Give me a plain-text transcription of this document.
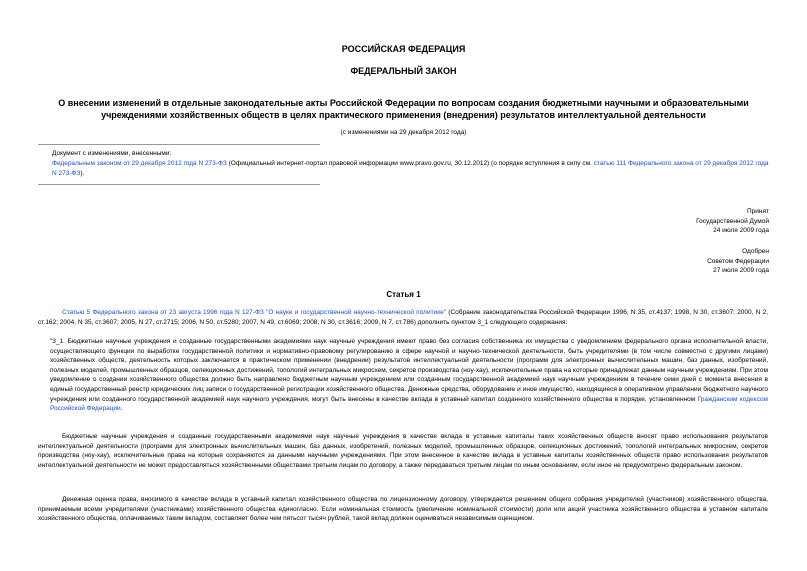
РОССИЙСКАЯ ФЕДЕРАЦИЯ
ФЕДЕРАЛЬНЫЙ ЗАКОН
О внесении изменений в отдельные законодательные акты Российской Федерации по вопросам создания бюджетными научными и образовательными учреждениями хозяйственных обществ в целях практического применения (внедрения) результатов интеллектуальной деятельности
(с изменениями на 29 декабря 2012 года)
Документ с изменениями, внесенными:
Федеральным законом от 29 декабря 2012 года N 273-ФЗ (Официальный интернет-портал правовой информации www.pravo.gov.ru, 30.12.2012) (о порядке вступления в силу см. статью 111 Федерального закона от 29 декабря 2012 года N 273-ФЗ).
Принят
Государственной Думой
24 июля 2009 года
Одобрен
Советом Федерации
27 июля 2009 года
Статья 1
Статью 5 Федерального закона от 23 августа 1996 года N 127-ФЗ "О науке и государственной научно-технической политике" (Собрание законодательства Российской Федерации 1996, N 35, ст.4137; 1998, N 30, ст.3607; 2000, N 2, ст.162; 2004, N 35, ст.3607; 2005, N 27, ст.2715; 2006, N 50, ст.5280; 2007, N 49, ст.6069; 2008, N 30, ст.3616; 2009, N 7, ст.786) дополнить пунктом 3_1 следующего содержания:
"3_1. Бюджетные научные учреждения и созданные государственными академиями наук научные учреждения имеют право без согласия собственника их имущества с уведомлением федерального органа исполнительной власти, осуществляющего функции по выработке государственной политики и нормативно-правовому регулированию в сфере научной и научно-технической деятельности, быть учредителями (в том числе совместно с другими лицами) хозяйственных обществ, деятельность которых заключается в практическом применении (внедрении) результатов интеллектуальной деятельности (программ для электронных вычислительных машин, баз данных, изобретений, полезных моделей, промышленных образцов, селекционных достижений, топологий интегральных микросхем, секретов производства (ноу-хау), исключительные права на которые принадлежат данным научным учреждениям. При этом уведомление о создании хозяйственного общества должно быть направлено бюджетным научным учреждением или созданным государственной академией наук научным учреждением в течение семи дней с момента внесения в единый государственный реестр юридических лиц записи о государственной регистрации хозяйственного общества. Денежные средства, оборудование и иное имущество, находящиеся в оперативном управлении бюджетного научного учреждения или созданного государственной академией наук научного учреждения, могут быть внесены в качестве вклада в уставный капитал созданного хозяйственного общества в порядке, установленном Гражданским кодексом Российской Федерации.
Бюджетные научные учреждения и созданные государственными академиями наук научные учреждения в качестве вклада в уставные капиталы таких хозяйственных обществ вносят право использования результатов интеллектуальной деятельности (программ для электронных вычислительных машин, баз данных, изобретений, полезных моделей, промышленных образцов, селекционных достижений, топологий интегральных микросхем, секретов производства (ноу-хау), исключительные права на которые сохраняются за данными научными учреждениями. При этом внесенное в качестве вклада в уставные капиталы хозяйственных обществ право использования результатов интеллектуальной деятельности не может предоставляться хозяйственными обществами третьим лицам по договору, а также передаваться третьим лицам по иным основаниям, если иное не предусмотрено федеральным законом.
Денежная оценка права, вносимого в качестве вклада в уставный капитал хозяйственного общества по лицензионному договору, утверждается решением общего собрания учредителей (участников) хозяйственного общества, принимаемым всеми учредителями (участниками) хозяйственного общества единогласно. Если номинальная стоимость (увеличение номинальной стоимости) доли или акций участника хозяйственного общества в уставном капитале хозяйственного общества, оплачиваемых таким вкладом, составляет более чем пятьсот тысяч рублей, такой вклад должен оцениваться независимым оценщиком.
